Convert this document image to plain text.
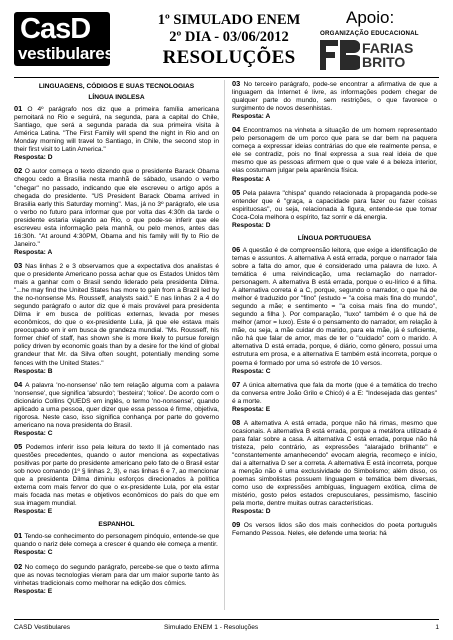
CasD
vestibulares
1º SIMULADO ENEM
2º DIA - 03/06/2012
RESOLUÇÕES
Apoio:
ORGANIZAÇÃO EDUCACIONAL
FARIAS
BRITO
LINGUAGENS, CÓDIGOS E SUAS TECNOLOGIAS
LÍNGUA INGLESA
01 O 4º parágrafo nos diz que a primeira família americana pernoitará no Rio e seguirá, na segunda, para a capital do Chile, Santiago, que será a segunda parada da sua primeira visita à América Latina. "The First Family will spend the night in Rio and on Monday morning will travel to Santiago, in Chile, the second stop in their first visit to Latin America."
Resposta: D
02 O autor começa o texto dizendo que o presidente Barack Obama chegou cedo a Brasília nesta manhã de sábado, usando o verbo "chegar" no passado, indicando que ele escreveu o artigo após a chegada do presidente. "US President Barack Obama arrived in Brasilia early this Saturday morning". Mas, já no 3º parágrafo, ele usa o verbo no futuro para informar que por volta das 4:30h da tarde o presidente estaria viajando ao Rio, o que pode-se inferir que ele escreveu esta informação pela manhã, ou pelo menos, antes das 16:30h. "At around 4:30PM, Obama and his family will fly to Rio de Janeiro."
Resposta: A
03 Nas linhas 2 e 3 observamos que a expectativa dos analistas é que o presidente Americano possa achar que os Estados Unidos têm mais a ganhar com o Brasil sendo liderado pela presidenta Dilma. "...he may find the United States has more to gain from a Brazil led by the no-nonsense Ms. Rousseff, analysts said." E nas linhas 2 a 4 do segundo parágrafo o autor diz que é mais provável para presidenta Dilma ir em busca de políticas externas, levada por meses econômicos, do que o ex-presidente Lula, já que ele estava mais preocupado em ir em busca de grandeza mundial. "Ms. Rousseff, his former chief of staff, has shown she is more likely to pursue foreign policy driven by economic goals than by a desire for the kind of global grandeur that Mr. da Silva often sought, potentially mending some fences with the United States."
Resposta: B
04 A palavra 'no-nonsense' não tem relação alguma com a palavra 'nonsense', que significa 'absurdo'; 'besteira'; 'tolice'. De acordo com o dicionário Collins QUEDS em inglês, o termo 'no-nonsense', quando aplicado a uma pessoa, quer dizer que essa pessoa é firme, objetiva, rigorosa. Neste caso, isso significa conhança por parte do governo americano na nova presidenta do Brasil.
Resposta: C
05 Podemos inferir isso pela leitura do texto II já comentado nas questões precedentes, quando o autor menciona as expectativas positivas por parte do presidente americano pelo fato de o Brasil estar sob novo comando (1º § linhas 2, 3), e nas linhas 6 e 7, ao mencionar que a presidenta Dilma diminiu esforços direcionados à política externa com mais fervor do que o ex-presidente Lula, por ela estar mais focada nas metas e objetivos econômicos do país do que em sua imagem mundial.
Resposta: E
ESPANHOL
01 Tendo-se conhecimento do personagem pinóquio, entende-se que quando o nariz dele começa a crescer é quando ele começa a mentir.
Resposta: C
02 No começo do segundo parágrafo, percebe-se que o texto afirma que as novas tecnologias vieram para dar um maior suporte tanto às vinhetas tradicionais como melhorar na edição dos cômics.
Resposta: E
03 No terceiro parágrafo, pode-se encontrar a afirmativa de que a linguagem da Internet é livre, as informações podem chegar de qualquer parte do mundo, sem restrições, o que favorece o surgimento de novos desenhistas.
Resposta: A
04 Encontramos na vinheta a situação de um homem representado pelo personagem de um porco que para se dar bem na paquera começa a expressar ideias contrárias do que ele realmente pensa, e ele se contradiz, pois no final expressa a sua real ideia de que mesmo que as pessoas afirmem que o que vale é a beleza interior, elas costumam julgar pela aparência física.
Resposta: A
05 Pela palavra "chispa" quando relacionada à propaganda pode-se entender que é "graça, a capacidade para fazer ou fazer coisas espirituosas", ou seja, relacionada à figura, entende-se que tomar Coca-Cola melhora o espírito, faz sorrir e dá energia.
Resposta: D
LÍNGUA PORTUGUESA
06 A questão é de compreensão leitora, que exige a identificação de temas e assuntos. A alternativa A está errada, porque o narrador fala sobre a falta do amor, que é considerado uma palavra de luxo. A temática é uma reivindicação, uma reclamação do narrador-personagem. A alternativa B está errada, porque o eu-lírico é a filha. A alternativa correta é a C, porque, segundo o narrador, o que há de melhor é traduzido por "fino" (estudo = "a coisa mais fina do mundo", segundo a mãe; e sentimento = "a coisa mais fina do mundo", segundo a filha ). Por comparação, "luxo" também é o que há de melhor (amor = luxo). Este é o pensamento do narrador, em relação à mãe, ou seja, a mãe cuidar do marido, para ela mãe, já é suficiente, não há que falar de amor, mas de ter o "cuidado" com o marido. A alternativa D está errada, porque, é diário, como gênero, possui uma estrutura em prosa, e a alternativa E também está incorreta, porque o poema é formado por uma só estrofe de 10 versos.
Resposta: C
07 A única alternativa que fala da morte (que é a temática do trecho da conversa entre João Grilo e Chicó) é a E: "Indesejada das gentes" é a morte.
Resposta: E
08 A alternativa A está errada, porque não há rimas, mesmo que ocasionais. A alternativa B está errada, porque a metáfora utilizada é para falar sobre a casa. A alternativa C está errada, porque não há tristeza, pelo contrário, as expressões "alarajado brilhante" e "constantemente amanhecendo" evocam alegria, recomeço e início, daí a alternativa D ser a correta. A alternativa E está incorreta, porque a menção não é uma exclusividade do Simbolismo; além disso, os poemas simbolistas possuem linguagem e temática bem diversas, como uso de expressões ambíguas, linguagem exótica, clima de mistério, gosto pelos estados crepusculares, pessimismo, fascínio pela morte, dentre muitas outras características.
Resposta: D
09 Os versos lidos são dos mais conhecidos do poeta português Fernando Pessoa. Neles, ele defende uma teoria: há
CASD Vestibulares	Simulado ENEM 1 - Resoluções	1
